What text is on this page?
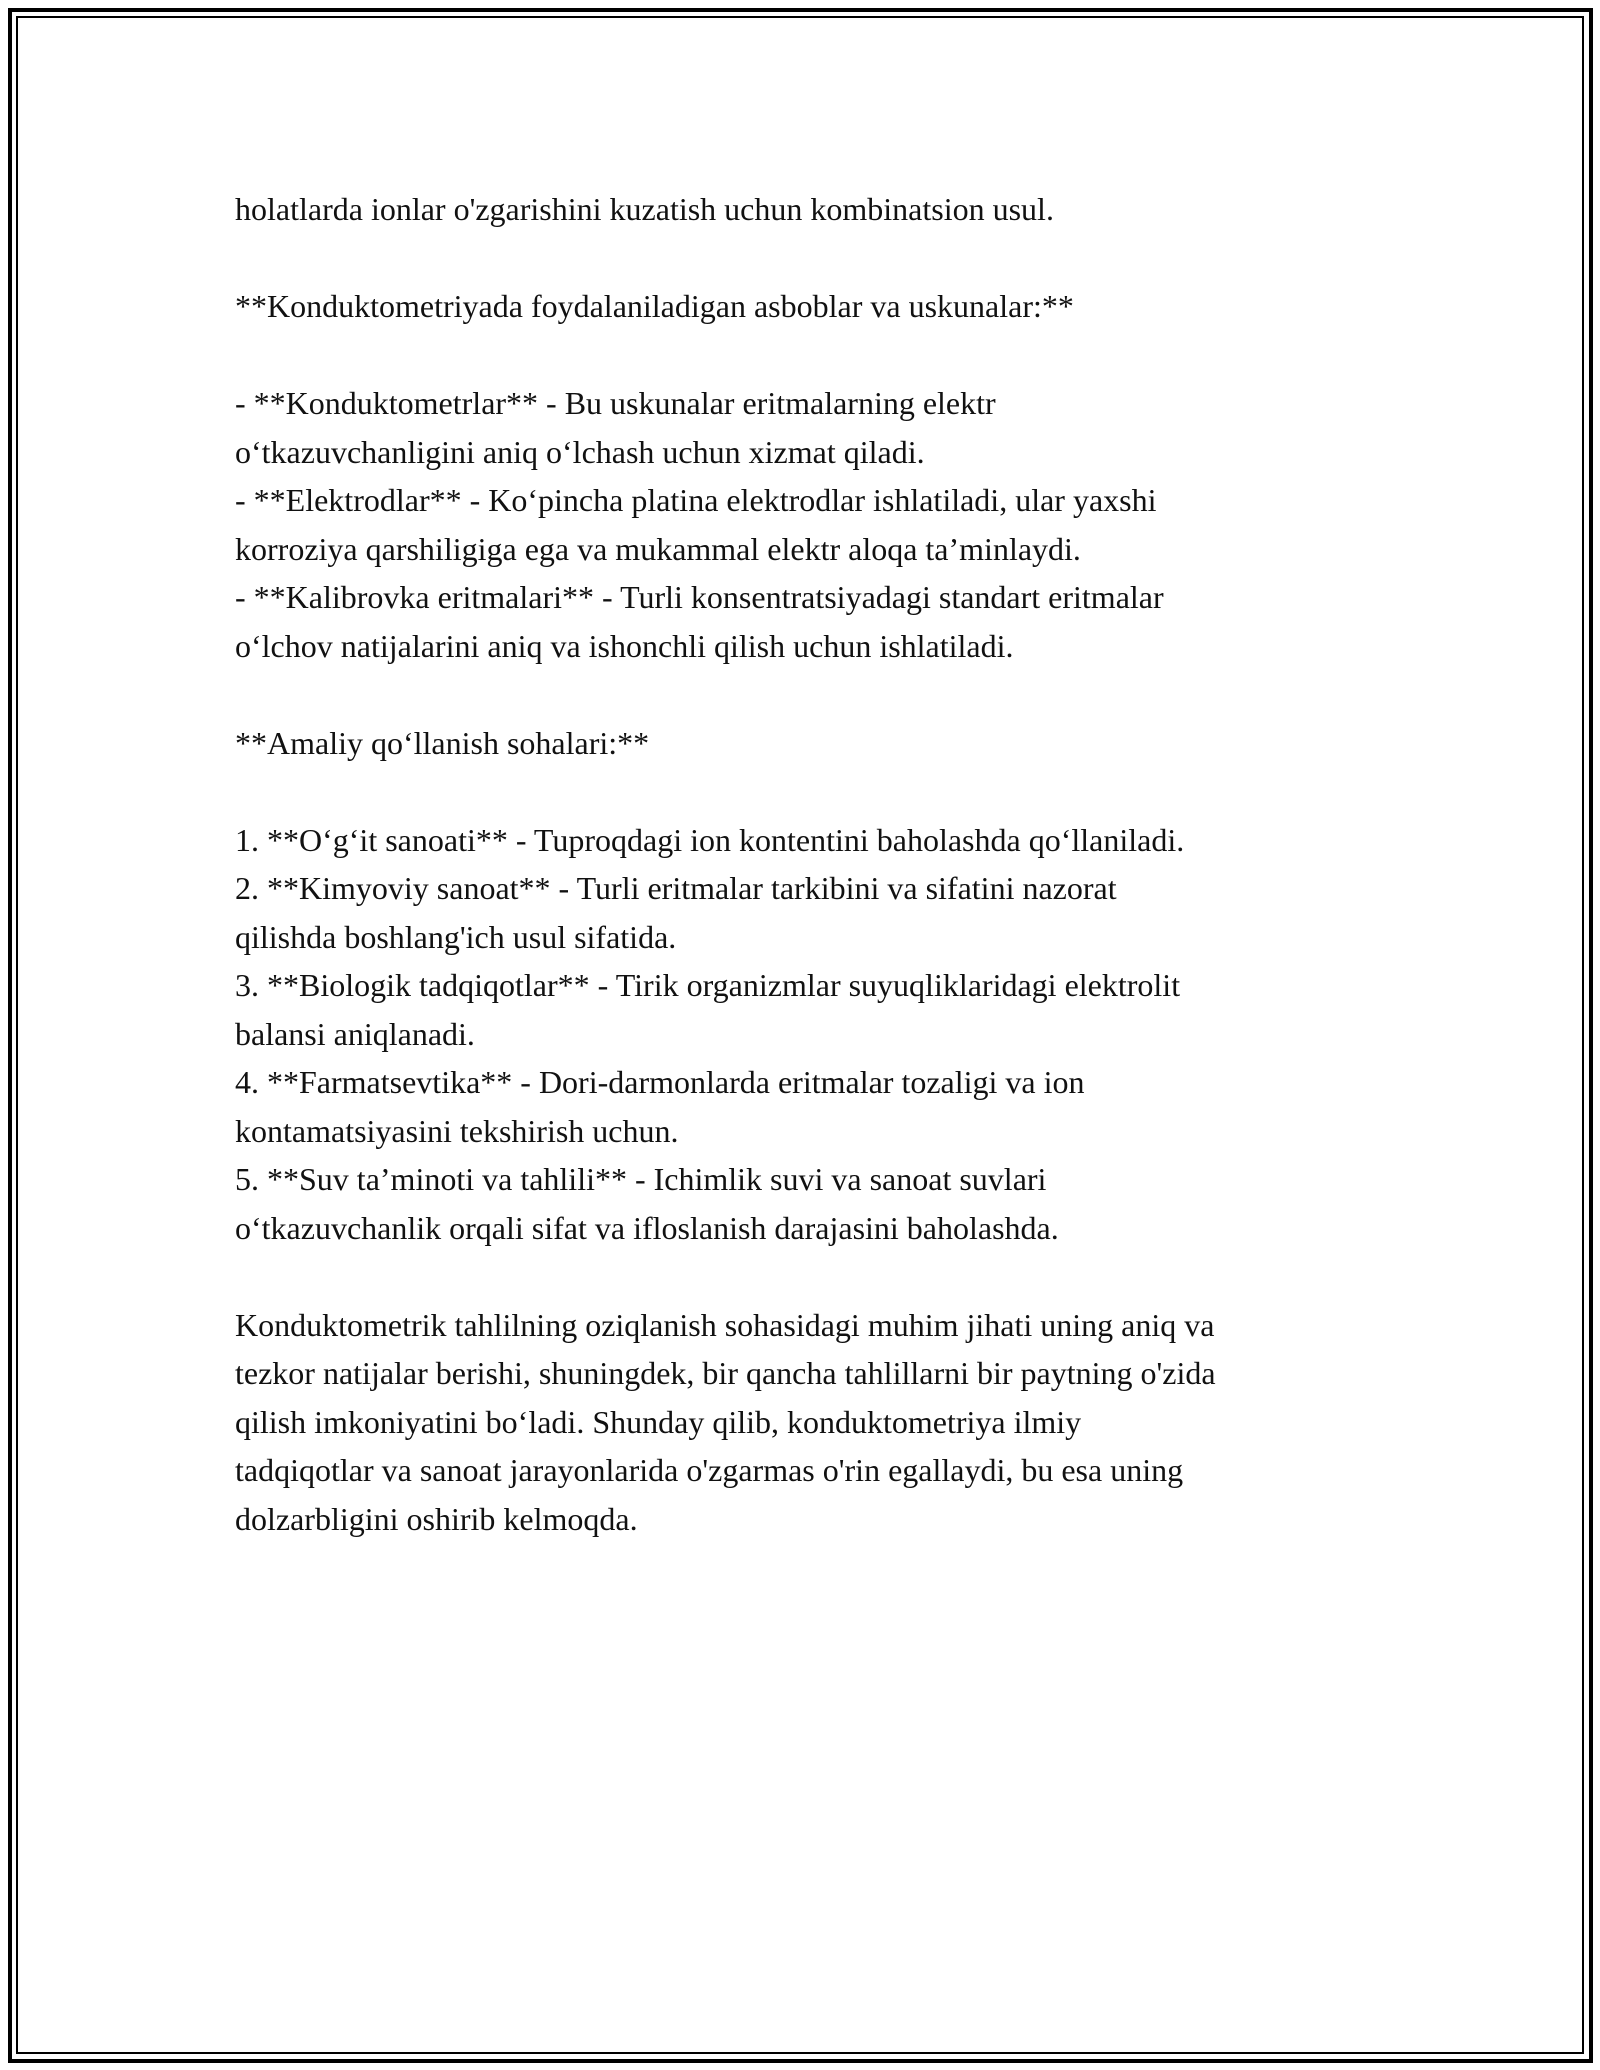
holatlarda ionlar o'zgarishini kuzatish uchun kombinatsion usul.
**Konduktometriyada foydalaniladigan asboblar va uskunalar:**
- **Konduktometrlar** - Bu uskunalar eritmalarning elektr
o‘tkazuvchanligini aniq o‘lchash uchun xizmat qiladi.
- **Elektrodlar** - Ko‘pincha platina elektrodlar ishlatiladi, ular yaxshi
korroziya qarshiligiga ega va mukammal elektr aloqa ta’minlaydi.
- **Kalibrovka eritmalari** - Turli konsentratsiyadagi standart eritmalar
o‘lchov natijalarini aniq va ishonchli qilish uchun ishlatiladi.
**Amaliy qo‘llanish sohalari:**
1. **O‘g‘it sanoati** - Tuproqdagi ion kontentini baholashda qo‘llaniladi.
2. **Kimyoviy sanoat** - Turli eritmalar tarkibini va sifatini nazorat
qilishda boshlang'ich usul sifatida.
3. **Biologik tadqiqotlar** - Tirik organizmlar suyuqliklaridagi elektrolit
balansi aniqlanadi.
4. **Farmatsevtika** - Dori-darmonlarda eritmalar tozaligi va ion
kontamatsiyasini tekshirish uchun.
5. **Suv ta’minoti va tahlili** - Ichimlik suvi va sanoat suvlari
o‘tkazuvchanlik orqali sifat va ifloslanish darajasini baholashda.
Konduktometrik tahlilning oziqlanish sohasidagi muhim jihati uning aniq va
tezkor natijalar berishi, shuningdek, bir qancha tahlillarni bir paytning o'zida
qilish imkoniyatini bo‘ladi. Shunday qilib, konduktometriya ilmiy
tadqiqotlar va sanoat jarayonlarida o'zgarmas o'rin egallaydi, bu esa uning
dolzarbligini oshirib kelmoqda.
